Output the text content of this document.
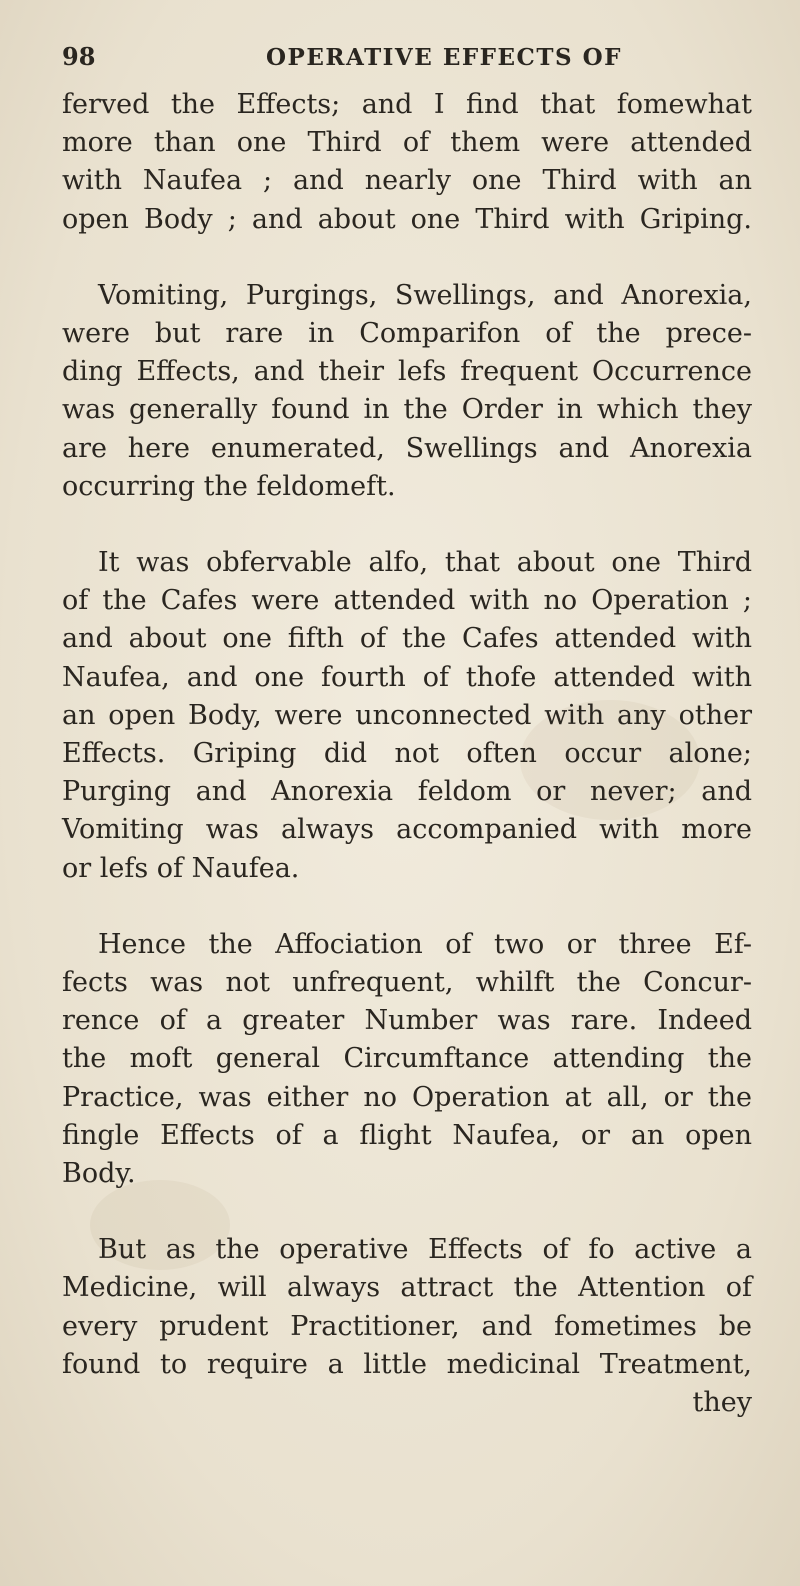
98	OPERATIVE EFFECTS OF
ferved the Effects; and I find that fomewhat
more than one Third of them were attended
with Naufea ; and nearly one Third with an
open Body ; and about one Third with Griping.
Vomiting, Purgings, Swellings, and Anorexia,
were but rare in Comparifon of the prece-
ding Effects, and their lefs frequent Occurrence
was generally found in the Order in which they
are here enumerated, Swellings and Anorexia
occurring the feldomeft.
It was obfervable alfo, that about one Third
of the Cafes were attended with no Operation ;
and about one fifth of the Cafes attended with
Naufea, and one fourth of thofe attended with
an open Body, were unconnected with any other
Effects. Griping did not often occur alone;
Purging and Anorexia feldom or never; and
Vomiting was always accompanied with more
or lefs of Naufea.
Hence the Affociation of two or three Ef-
fects was not unfrequent, whilft the Concur-
rence of a greater Number was rare. Indeed
the moft general Circumftance attending the
Practice, was either no Operation at all, or the
fingle Effects of a flight Naufea, or an open
Body.
But as the operative Effects of fo active a
Medicine, will always attract the Attention of
every prudent Practitioner, and fometimes be
found to require a little medicinal Treatment,
they
